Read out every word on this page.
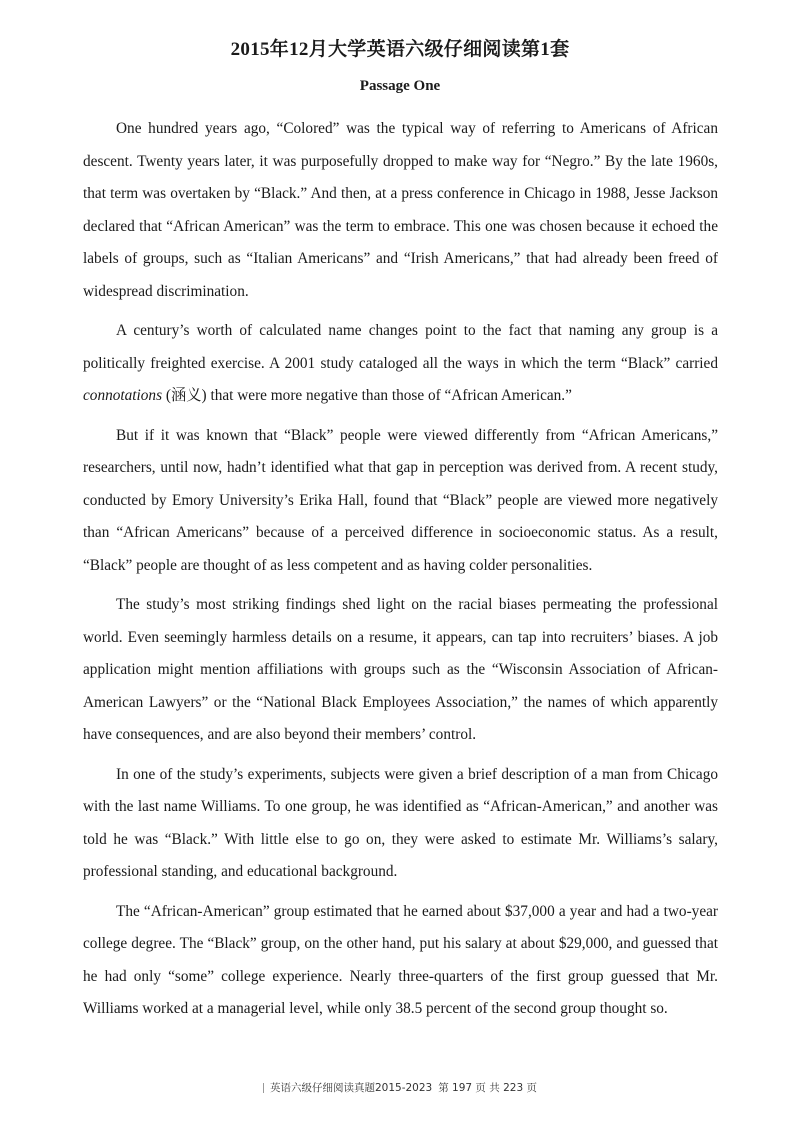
2015年12月大学英语六级仔细阅读第1套
Passage One

One hundred years ago, “Colored” was the typical way of referring to Americans of African descent. Twenty years later, it was purposefully dropped to make way for “Negro.” By the late 1960s, that term was overtaken by “Black.” And then, at a press conference in Chicago in 1988, Jesse Jackson declared that “African American” was the term to embrace. This one was chosen because it echoed the labels of groups, such as “Italian Americans” and “Irish Americans,” that had already been freed of widespread discrimination.

A century’s worth of calculated name changes point to the fact that naming any group is a politically freighted exercise. A 2001 study cataloged all the ways in which the term “Black” carried connotations (涵义) that were more negative than those of “African American.”

But if it was known that “Black” people were viewed differently from “African Americans,” researchers, until now, hadn’t identified what that gap in perception was derived from. A recent study, conducted by Emory University’s Erika Hall, found that “Black” people are viewed more negatively than “African Americans” because of a perceived difference in socioeconomic status. As a result, “Black” people are thought of as less competent and as having colder personalities.

The study’s most striking findings shed light on the racial biases permeating the professional world. Even seemingly harmless details on a resume, it appears, can tap into recruiters’ biases. A job application might mention affiliations with groups such as the “Wisconsin Association of African-American Lawyers” or the “National Black Employees Association,” the names of which apparently have consequences, and are also beyond their members’ control.

In one of the study’s experiments, subjects were given a brief description of a man from Chicago with the last name Williams. To one group, he was identified as “African-American,” and another was told he was “Black.” With little else to go on, they were asked to estimate Mr. Williams’s salary, professional standing, and educational background.

The “African-American” group estimated that he earned about $37,000 a year and had a two-year college degree. The “Black” group, on the other hand, put his salary at about $29,000, and guessed that he had only “some” college experience. Nearly three-quarters of the first group guessed that Mr. Williams worked at a managerial level, while only 38.5 percent of the second group thought so.

英语六级仔细阅读真题2015-2023 第 197 页 共 223 页
